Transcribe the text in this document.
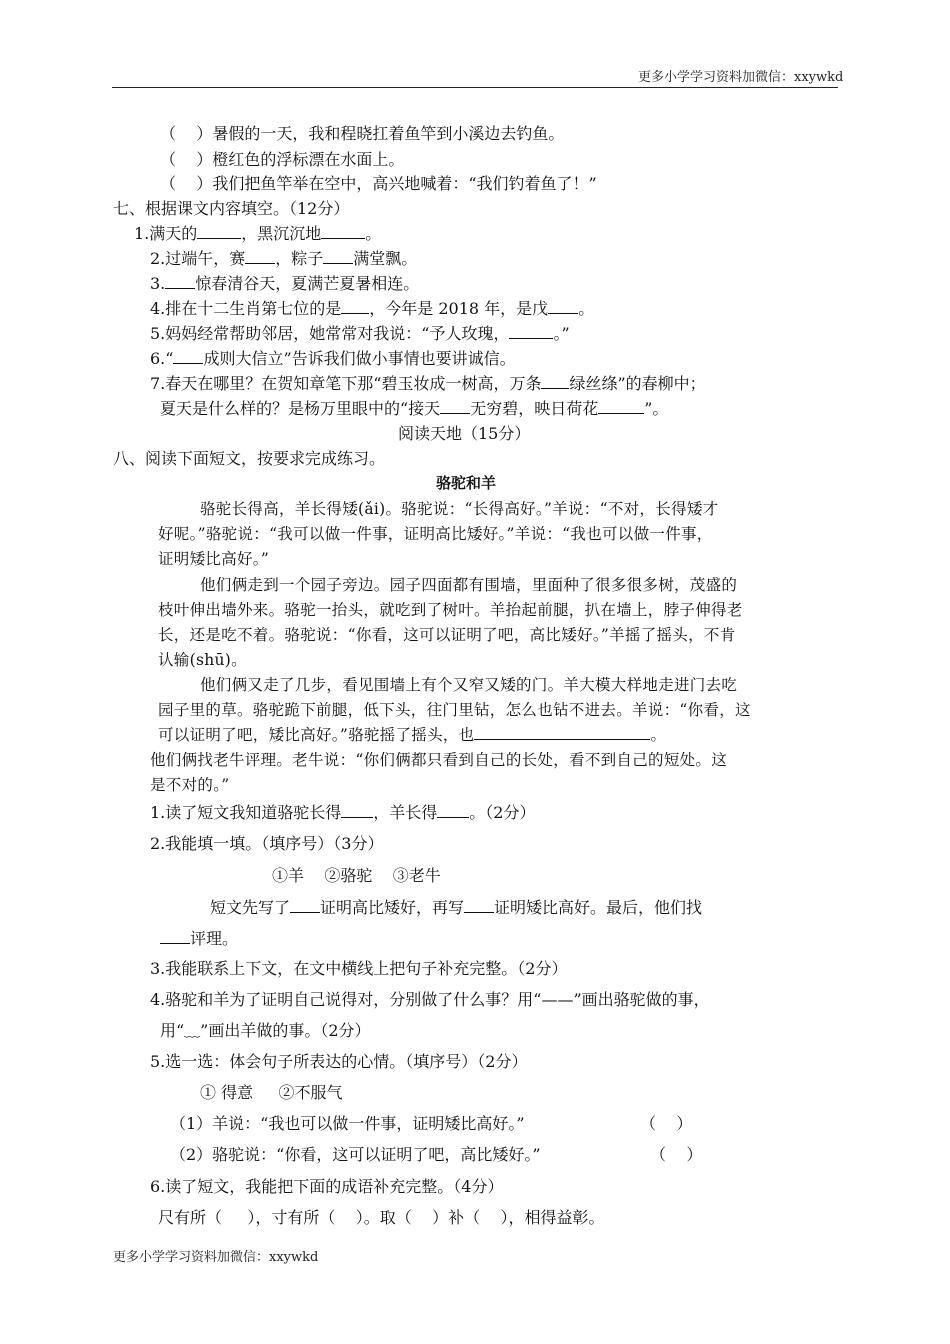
更多小学学习资料加微信：xxywkd
（    ）暑假的一天，我和程晓扛着鱼竿到小溪边去钓鱼。
（    ）橙红色的浮标漂在水面上。
（    ）我们把鱼竿举在空中，高兴地喊着：“我们钓着鱼了！”
七、根据课文内容填空。（12分）
1.满天的	，黑沉沉地	。
2.过端午，赛 ，粽子 满堂飘。
3. 惊春清谷天，夏满芒夏暑相连。
4.排在十二生肖第七位的是 ，今年是 2018 年，是戊 。
5.妈妈经常帮助邻居，她常常对我说：“予人玫瑰，	。”
6.“ 成则大信立”告诉我们做小事情也要讲诚信。
7.春天在哪里？在贺知章笔下那“碧玉妆成一树高，万条 绿丝绦”的春柳中；
夏天是什么样的？是杨万里眼中的“接天 无穷碧，映日荷花	”。
阅读天地（15分）
八、阅读下面短文，按要求完成练习。
骆驼和羊
骆驼长得高，羊长得矮(ǎi)。骆驼说：“长得高好。”羊说：“不对，长得矮才
好呢。”骆驼说：“我可以做一件事，证明高比矮好。”羊说：“我也可以做一件事，
证明矮比高好。”
他们俩走到一个园子旁边。园子四面都有围墙，里面种了很多很多树，茂盛的
枝叶伸出墙外来。骆驼一抬头，就吃到了树叶。羊抬起前腿，扒在墙上，脖子伸得老
长，还是吃不着。骆驼说：“你看，这可以证明了吧，高比矮好。”羊摇了摇头，不肯
认输(shū)。
他们俩又走了几步，看见围墙上有个又窄又矮的门。羊大模大样地走进门去吃
园子里的草。骆驼跪下前腿，低下头，往门里钻，怎么也钻不进去。羊说：“你看，这
可以证明了吧，矮比高好。”骆驼摇了摇头，也	。
他们俩找老牛评理。老牛说：“你们俩都只看到自己的长处，看不到自己的短处。这
是不对的。”
1.读了短文我知道骆驼长得 ，羊长得 。（2分）
2.我能填一填。（填序号）（3分）
①羊    ②骆驼    ③老牛
短文先写了 证明高比矮好，再写 证明矮比高好。最后，他们找
评理。
3.我能联系上下文，在文中横线上把句子补充完整。（2分）
4.骆驼和羊为了证明自己说得对，分别做了什么事？用“——”画出骆驼做的事，
用“﹏”画出羊做的事。（2分）
5.选一选：体会句子所表达的心情。（填序号）（2分）
① 得意     ②不服气
（1）羊说：“我也可以做一件事，证明矮比高好。”	（    ）
（2）骆驼说：“你看，这可以证明了吧，高比矮好。”	（    ）
6.读了短文，我能把下面的成语补充完整。（4分）
尺有所（     ），寸有所（    ）。取（    ）补（    ），相得益彰。
更多小学学习资料加微信：xxywkd
